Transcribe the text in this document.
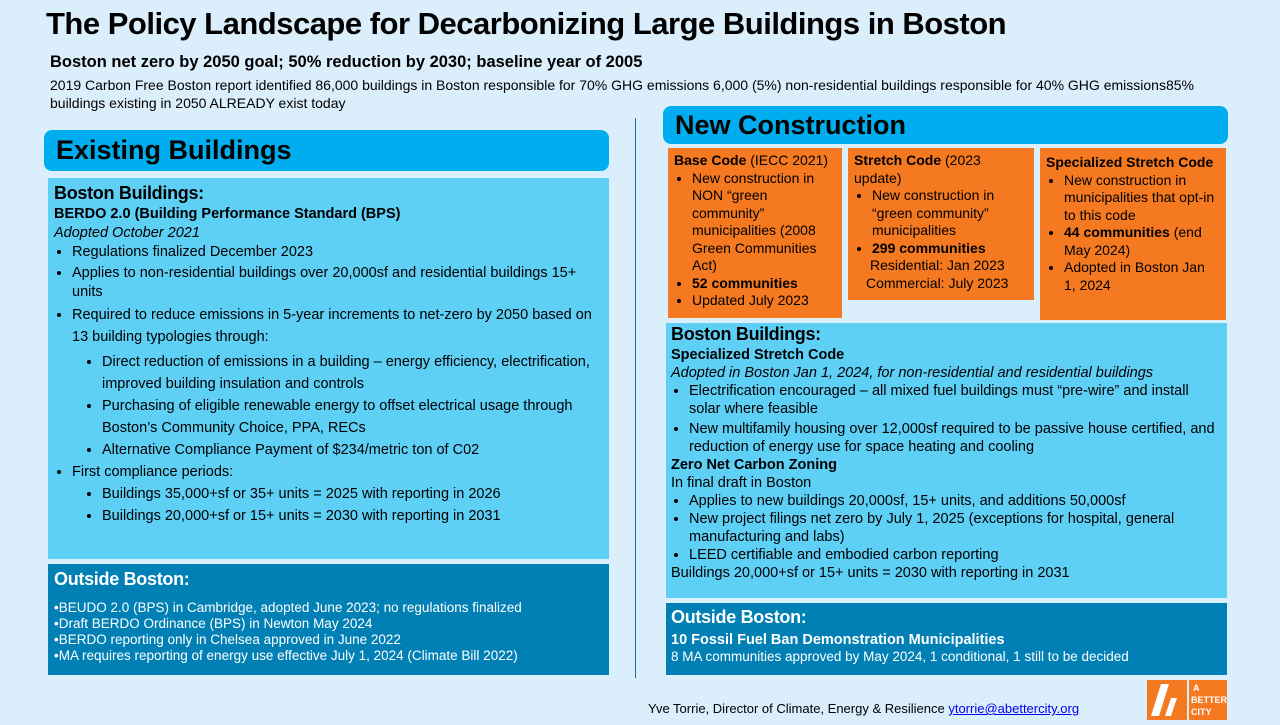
The Policy Landscape for Decarbonizing Large Buildings in Boston
Boston net zero by 2050 goal; 50% reduction by 2030; baseline year of 2005
2019 Carbon Free Boston report identified 86,000 buildings in Boston responsible for 70% GHG emissions 6,000 (5%) non-residential buildings responsible for 40% GHG emissions85% buildings existing in 2050 ALREADY exist today
Existing Buildings
Boston Buildings:
BERDO 2.0 (Building Performance Standard (BPS)
Adopted October 2021
• Regulations finalized December 2023
• Applies to non-residential buildings over 20,000sf and residential buildings 15+ units
• Required to reduce emissions in 5-year increments to net-zero by 2050 based on 13 building typologies through:
• Direct reduction of emissions in a building – energy efficiency, electrification, improved building insulation and controls
• Purchasing of eligible renewable energy to offset electrical usage through Boston’s Community Choice, PPA, RECs
• Alternative Compliance Payment of $234/metric ton of C02
• First compliance periods:
• Buildings 35,000+sf or 35+ units = 2025 with reporting in 2026
• Buildings 20,000+sf or 15+ units = 2030 with reporting in 2031
Outside Boston:
•BEUDO 2.0 (BPS) in Cambridge, adopted June 2023; no regulations finalized
•Draft BERDO Ordinance (BPS) in Newton May 2024
•BERDO reporting only in Chelsea approved in June 2022
•MA requires reporting of energy use effective July 1, 2024 (Climate Bill 2022)
New Construction
Base Code (IECC 2021)
• New construction in NON “green community” municipalities (2008 Green Communities Act)
• 52 communities
• Updated July 2023
Stretch Code (2023 update)
• New construction in “green community” municipalities
• 299 communities
Residential: Jan 2023
Commercial: July 2023
Specialized Stretch Code
• New construction in municipalities that opt-in to this code
• 44 communities (end May 2024)
• Adopted in Boston Jan 1, 2024
Boston Buildings:
Specialized Stretch Code
Adopted in Boston Jan 1, 2024, for non-residential and residential buildings
• Electrification encouraged – all mixed fuel buildings must “pre-wire” and install solar where feasible
• New multifamily housing over 12,000sf required to be passive house certified, and reduction of energy use for space heating and cooling
Zero Net Carbon Zoning
In final draft in Boston
• Applies to new buildings 20,000sf, 15+ units, and additions 50,000sf
• New project filings net zero by July 1, 2025 (exceptions for hospital, general manufacturing and labs)
• LEED certifiable and embodied carbon reporting
Buildings 20,000+sf or 15+ units = 2030 with reporting in 2031
Outside Boston:
10 Fossil Fuel Ban Demonstration Municipalities
8 MA communities approved by May 2024, 1 conditional, 1 still to be decided
Yve Torrie, Director of Climate, Energy & Resilience ytorrie@abettercity.org
A
BETTER
CITY
